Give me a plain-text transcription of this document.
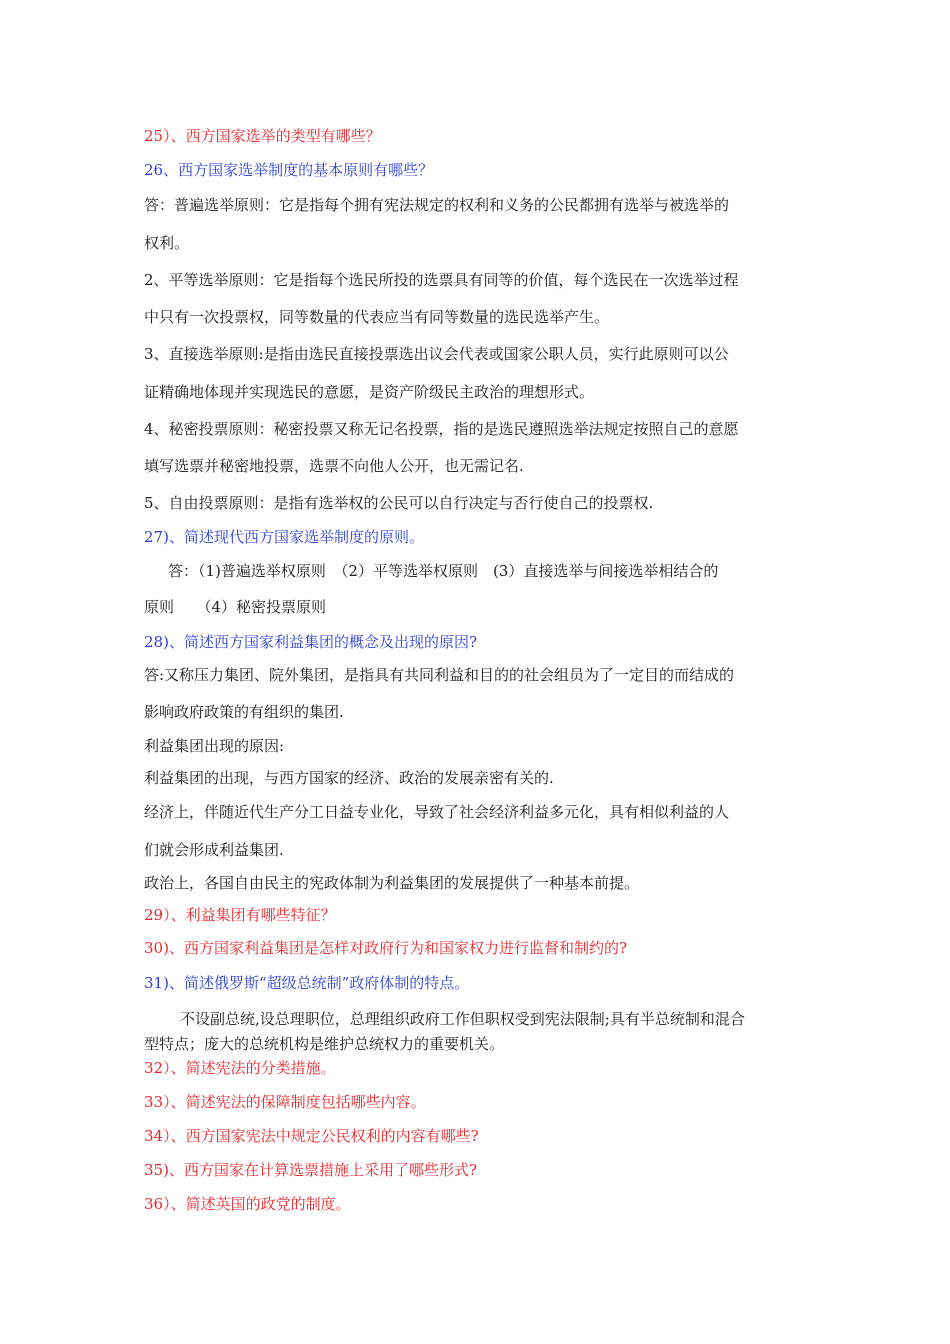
25）、西方国家选举的类型有哪些？
26、西方国家选举制度的基本原则有哪些？
答：普遍选举原则：它是指每个拥有宪法规定的权利和义务的公民都拥有选举与被选举的
权利。
2、平等选举原则：它是指每个选民所投的选票具有同等的价值，每个选民在一次选举过程
中只有一次投票权，同等数量的代表应当有同等数量的选民选举产生。
3、直接选举原则:是指由选民直接投票选出议会代表或国家公职人员，实行此原则可以公
证精确地体现并实现选民的意愿，是资产阶级民主政治的理想形式。
4、秘密投票原则：秘密投票又称无记名投票，指的是选民遵照选举法规定按照自己的意愿
填写选票并秘密地投票，选票不向他人公开，也无需记名.
5、自由投票原则：是指有选举权的公民可以自行决定与否行使自己的投票权.
27)、简述现代西方国家选举制度的原则。
答：（1)普遍选举权原则　（2）平等选举权原则　(3）直接选举与间接选举相结合的
原则　　（4）秘密投票原则
28)、简述西方国家利益集团的概念及出现的原因?
答:又称压力集团、院外集团，是指具有共同利益和目的的社会组员为了一定目的而结成的
影响政府政策的有组织的集团.
利益集团出现的原因:
利益集团的出现，与西方国家的经济、政治的发展亲密有关的.
经济上，伴随近代生产分工日益专业化，导致了社会经济利益多元化，具有相似利益的人
们就会形成利益集团.
政治上，各国自由民主的宪政体制为利益集团的发展提供了一种基本前提。
29）、利益集团有哪些特征？
30)、西方国家利益集团是怎样对政府行为和国家权力进行监督和制约的?
31)、简述俄罗斯“超级总统制”政府体制的特点。
不设副总统,设总理职位，总理组织政府工作但职权受到宪法限制;具有半总统制和混合
型特点；庞大的总统机构是维护总统权力的重要机关。
32）、简述宪法的分类措施。
33）、简述宪法的保障制度包括哪些内容。
34）、西方国家宪法中规定公民权利的内容有哪些?
35)、西方国家在计算选票措施上采用了哪些形式?
36）、简述英国的政党的制度。
